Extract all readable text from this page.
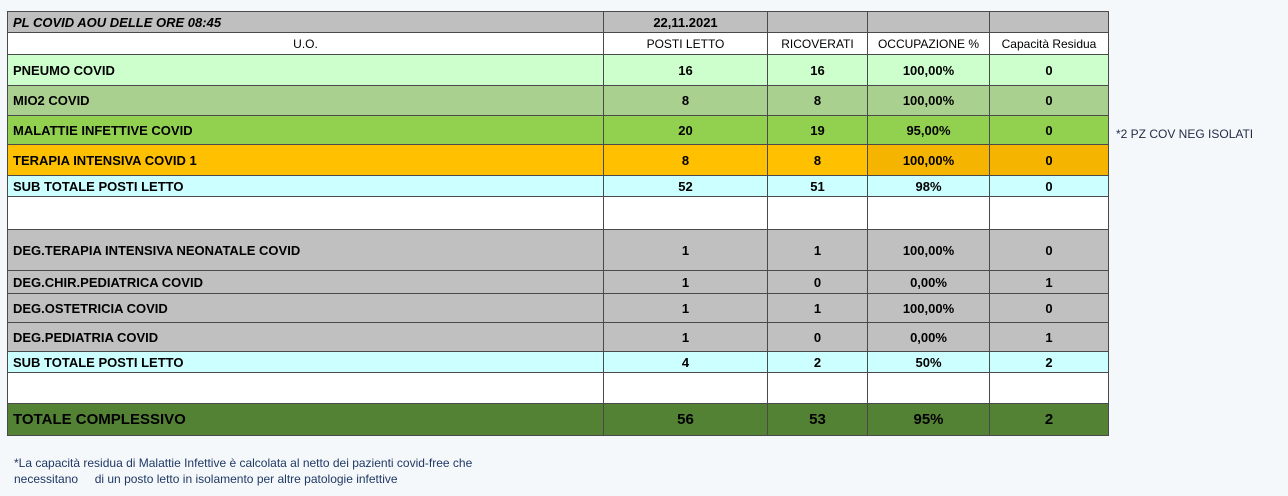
PL COVID AOU DELLE ORE 08:45	22,11.2021			
U.O.	POSTI LETTO	RICOVERATI	OCCUPAZIONE %	Capacità Residua
PNEUMO COVID	16	16	100,00%	0
MIO2 COVID	8	8	100,00%	0
MALATTIE INFETTIVE COVID	20	19	95,00%	0
TERAPIA INTENSIVA COVID 1	8	8	100,00%	0
SUB TOTALE POSTI LETTO	52	51	98%	0

DEG.TERAPIA INTENSIVA NEONATALE COVID	1	1	100,00%	0
DEG.CHIR.PEDIATRICA COVID	1	0	0,00%	1
DEG.OSTETRICIA COVID	1	1	100,00%	0
DEG.PEDIATRIA COVID	1	0	0,00%	1
SUB TOTALE POSTI LETTO	4	2	50%	2

TOTALE COMPLESSIVO	56	53	95%	2
*2 PZ COV NEG ISOLATI
*La capacità residua di Malattie Infettive è calcolata al netto dei pazienti covid-free che
necessitano     di un posto letto in isolamento per altre patologie infettive
